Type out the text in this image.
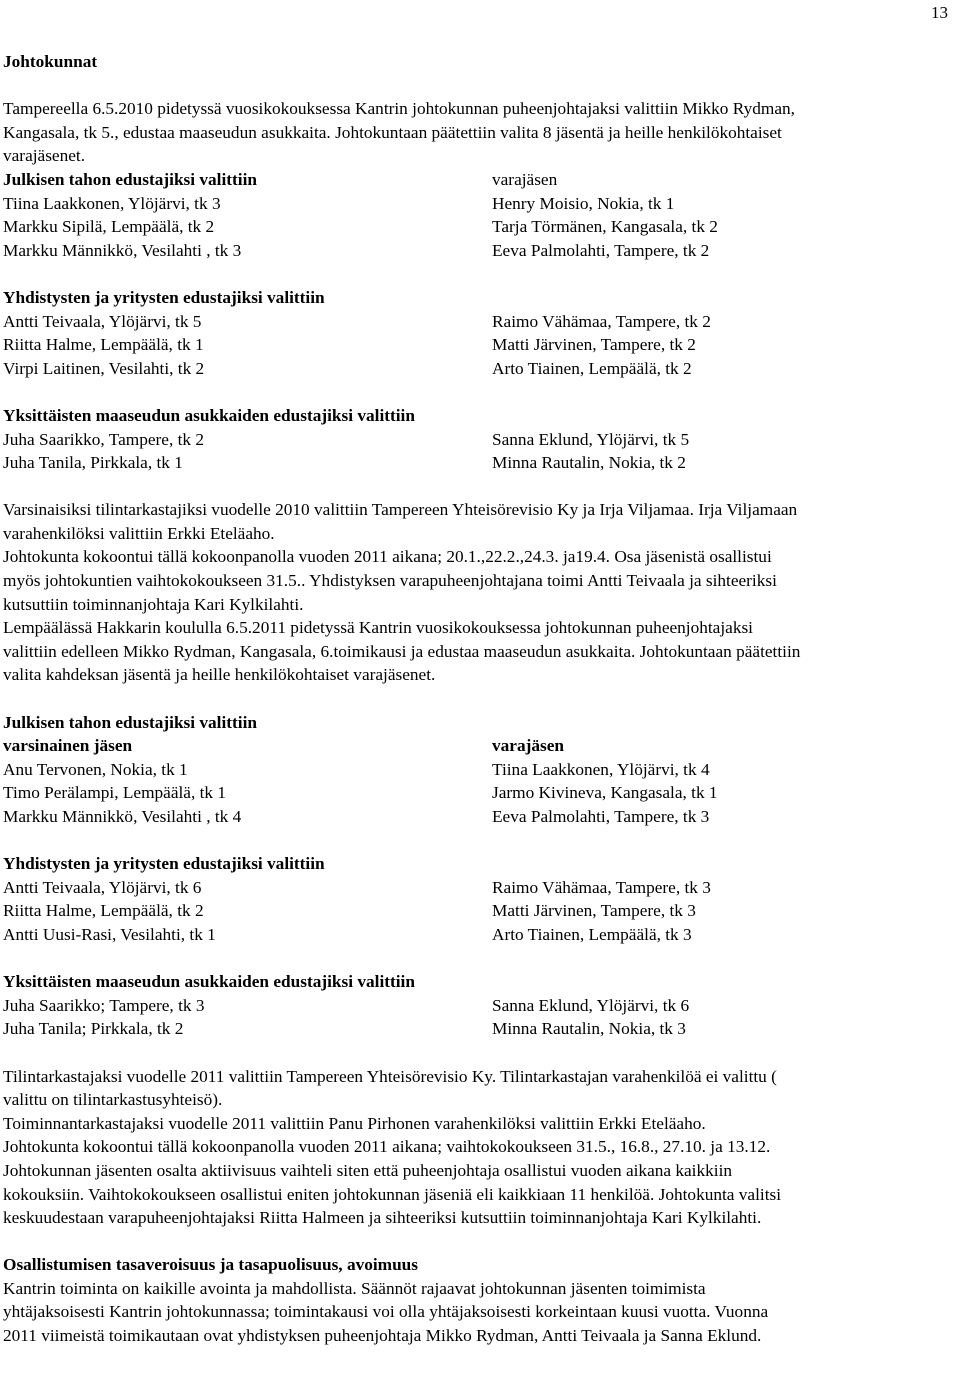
13
Johtokunnat
Tampereella 6.5.2010 pidetyssä vuosikokouksessa Kantrin johtokunnan puheenjohtajaksi valittiin Mikko Rydman,
Kangasala, tk 5., edustaa maaseudun asukkaita. Johtokuntaan päätettiin valita 8 jäsentä ja heille henkilökohtaiset
varajäsenet.
Julkisen tahon edustajiksi valittiin	varajäsen
Tiina Laakkonen, Ylöjärvi, tk 3	Henry Moisio, Nokia, tk 1
Markku Sipilä, Lempäälä, tk 2	Tarja Törmänen, Kangasala, tk 2
Markku Männikkö, Vesilahti , tk 3	Eeva Palmolahti, Tampere, tk 2
Yhdistysten ja yritysten edustajiksi valittiin
Antti Teivaala, Ylöjärvi, tk 5	Raimo Vähämaa, Tampere, tk 2
Riitta Halme, Lempäälä, tk 1	Matti Järvinen, Tampere, tk 2
Virpi Laitinen, Vesilahti, tk 2	Arto Tiainen, Lempäälä, tk 2
Yksittäisten maaseudun asukkaiden edustajiksi valittiin
Juha Saarikko, Tampere, tk 2	Sanna Eklund, Ylöjärvi, tk 5
Juha Tanila, Pirkkala, tk 1	Minna Rautalin, Nokia, tk 2
Varsinaisiksi tilintarkastajiksi vuodelle 2010 valittiin Tampereen Yhteisörevisio Ky ja Irja Viljamaa. Irja Viljamaan
varahenkilöksi valittiin Erkki Eteläaho.
Johtokunta kokoontui tällä kokoonpanolla vuoden 2011 aikana; 20.1.,22.2.,24.3. ja19.4. Osa jäsenistä osallistui
myös johtokuntien vaihtokokoukseen 31.5.. Yhdistyksen varapuheenjohtajana toimi Antti Teivaala ja sihteeriksi
kutsuttiin toiminnanjohtaja Kari Kylkilahti.
Lempäälässä Hakkarin koululla 6.5.2011 pidetyssä Kantrin vuosikokouksessa johtokunnan puheenjohtajaksi
valittiin edelleen Mikko Rydman, Kangasala, 6.toimikausi ja edustaa maaseudun asukkaita. Johtokuntaan päätettiin
valita kahdeksan jäsentä ja heille henkilökohtaiset varajäsenet.
Julkisen tahon edustajiksi valittiin
varsinainen jäsen	varajäsen
Anu Tervonen, Nokia, tk 1	Tiina Laakkonen, Ylöjärvi, tk 4
Timo Perälampi, Lempäälä, tk 1	Jarmo Kivineva, Kangasala, tk 1
Markku Männikkö, Vesilahti , tk 4	Eeva Palmolahti, Tampere, tk 3
Yhdistysten ja yritysten edustajiksi valittiin
Antti Teivaala, Ylöjärvi, tk 6	Raimo Vähämaa, Tampere, tk 3
Riitta Halme, Lempäälä, tk 2	Matti Järvinen, Tampere, tk 3
Antti Uusi-Rasi, Vesilahti, tk 1	Arto Tiainen, Lempäälä, tk 3
Yksittäisten maaseudun asukkaiden edustajiksi valittiin
Juha Saarikko; Tampere, tk 3	Sanna Eklund, Ylöjärvi, tk 6
Juha Tanila; Pirkkala, tk 2	Minna Rautalin, Nokia, tk 3
Tilintarkastajaksi vuodelle 2011 valittiin Tampereen Yhteisörevisio Ky. Tilintarkastajan varahenkilöä ei valittu (
valittu on tilintarkastusyhteisö).
Toiminnantarkastajaksi vuodelle 2011 valittiin Panu Pirhonen varahenkilöksi valittiin Erkki Eteläaho.
Johtokunta kokoontui tällä kokoonpanolla vuoden 2011 aikana; vaihtokokoukseen 31.5., 16.8., 27.10. ja 13.12.
Johtokunnan jäsenten osalta aktiivisuus vaihteli siten että puheenjohtaja osallistui vuoden aikana kaikkiin
kokouksiin. Vaihtokokoukseen osallistui eniten johtokunnan jäseniä eli kaikkiaan 11 henkilöä. Johtokunta valitsi
keskuudestaan varapuheenjohtajaksi Riitta Halmeen ja sihteeriksi kutsuttiin toiminnanjohtaja Kari Kylkilahti.
Osallistumisen tasaveroisuus ja tasapuolisuus, avoimuus
Kantrin toiminta on kaikille avointa ja mahdollista. Säännöt rajaavat johtokunnan jäsenten toimimista
yhtäjaksoisesti Kantrin johtokunnassa; toimintakausi voi olla yhtäjaksoisesti korkeintaan kuusi vuotta. Vuonna
2011 viimeistä toimikautaan ovat yhdistyksen puheenjohtaja Mikko Rydman, Antti Teivaala ja Sanna Eklund.
